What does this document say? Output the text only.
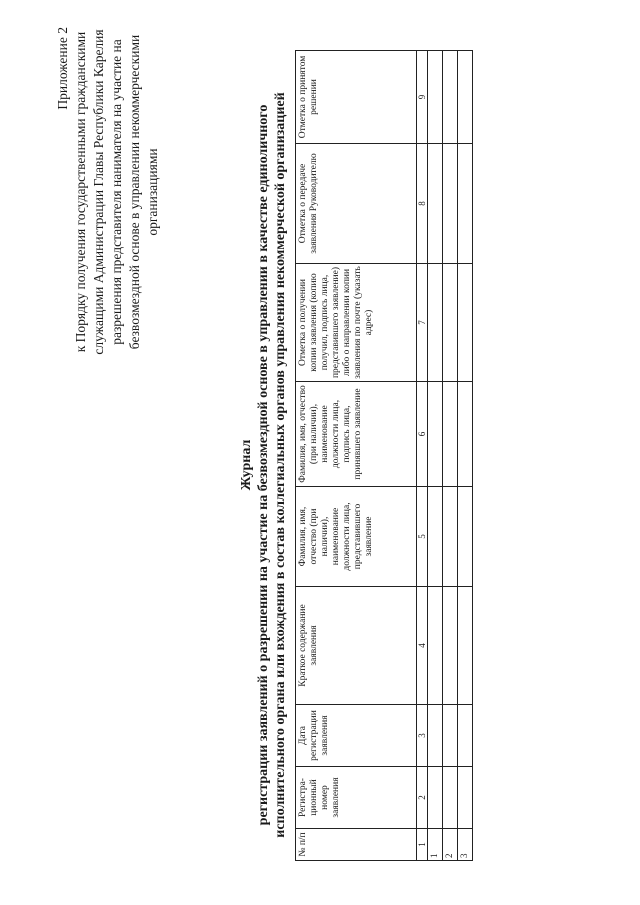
Приложение 2 к Порядку получения государственными гражданскими служащими Администрации Главы Республики Карелия разрешения представителя нанимателя на участие на безвозмездной основе в управлении некоммерческими организациями
Журнал регистрации заявлений о разрешении на участие на безвозмездной основе в управлении в качестве единоличного исполнительного органа или вхождения в состав коллегиальных органов управления некоммерческой организацией
№ п/п	Регистра-ционный номер заявления	Дата регистрации заявления	Краткое содержание заявления	Фамилия, имя, отчество (при наличии), наименование должности лица, представившего заявление	Фамилия, имя, отчество (при наличии), наименование должности лица, подпись лица, принявшего заявление	Отметка о получении копии заявления (копию получил, подпись лица, представившего заявление) либо о направлении копии заявления по почте (указать адрес)	Отметка о передаче заявления Руководителю	Отметка о принятом решении
1	2	3	4	5	6	7	8	9
1								
2								
3								
